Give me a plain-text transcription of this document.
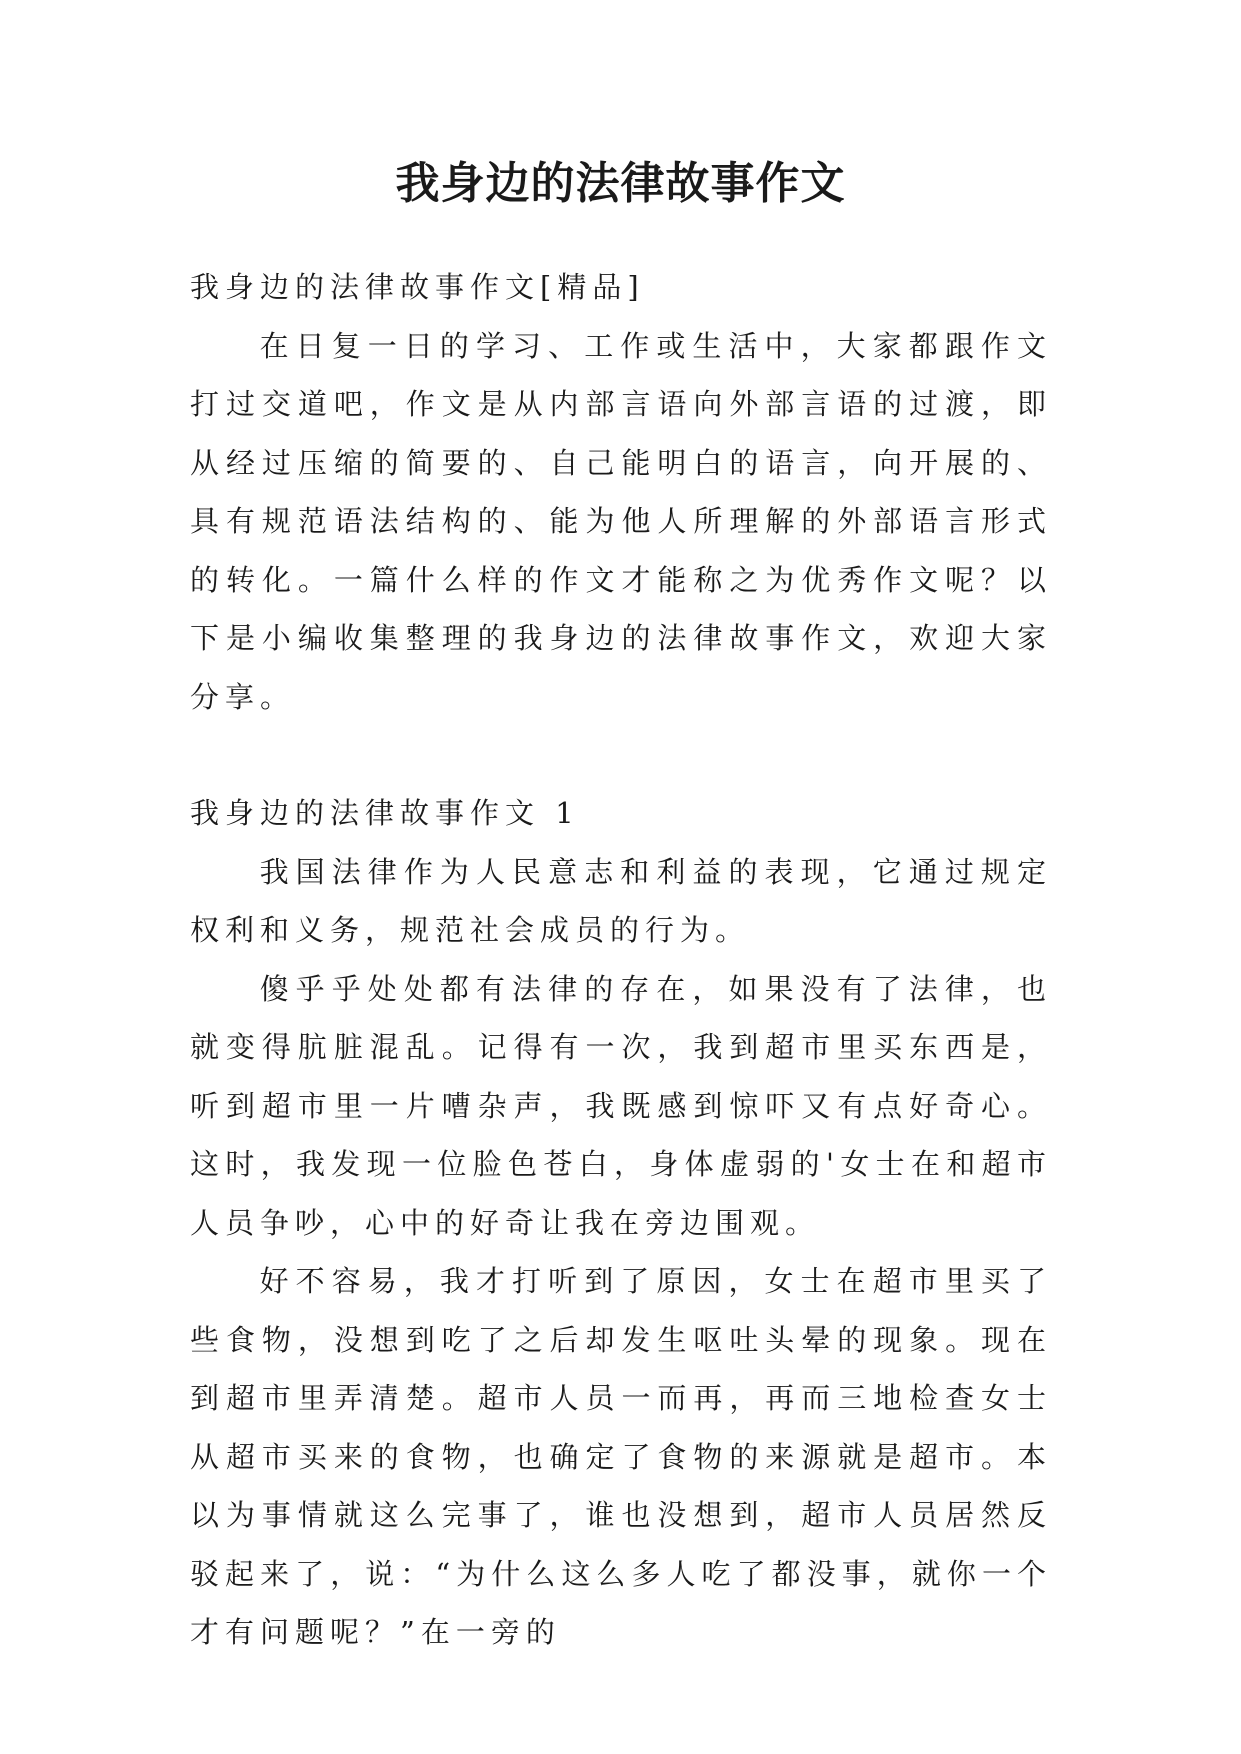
我身边的法律故事作文

我身边的法律故事作文[精品]

在日复一日的学习、工作或生活中，大家都跟作文打过交道吧，作文是从内部言语向外部言语的过渡，即从经过压缩的简要的、自己能明白的语言，向开展的、具有规范语法结构的、能为他人所理解的外部语言形式的转化。一篇什么样的作文才能称之为优秀作文呢？以下是小编收集整理的我身边的法律故事作文，欢迎大家分享。

我身边的法律故事作文 1

我国法律作为人民意志和利益的表现，它通过规定权利和义务，规范社会成员的行为。

傻乎乎处处都有法律的存在，如果没有了法律，也就变得肮脏混乱。记得有一次，我到超市里买东西是，听到超市里一片嘈杂声，我既感到惊吓又有点好奇心。这时，我发现一位脸色苍白，身体虚弱的'女士在和超市人员争吵，心中的好奇让我在旁边围观。

好不容易，我才打听到了原因，女士在超市里买了些食物，没想到吃了之后却发生呕吐头晕的现象。现在到超市里弄清楚。超市人员一而再，再而三地检查女士从超市买来的食物，也确定了食物的来源就是超市。本以为事情就这么完事了，谁也没想到，超市人员居然反驳起来了，说：“为什么这么多人吃了都没事，就你一个才有问题呢？”在一旁的
